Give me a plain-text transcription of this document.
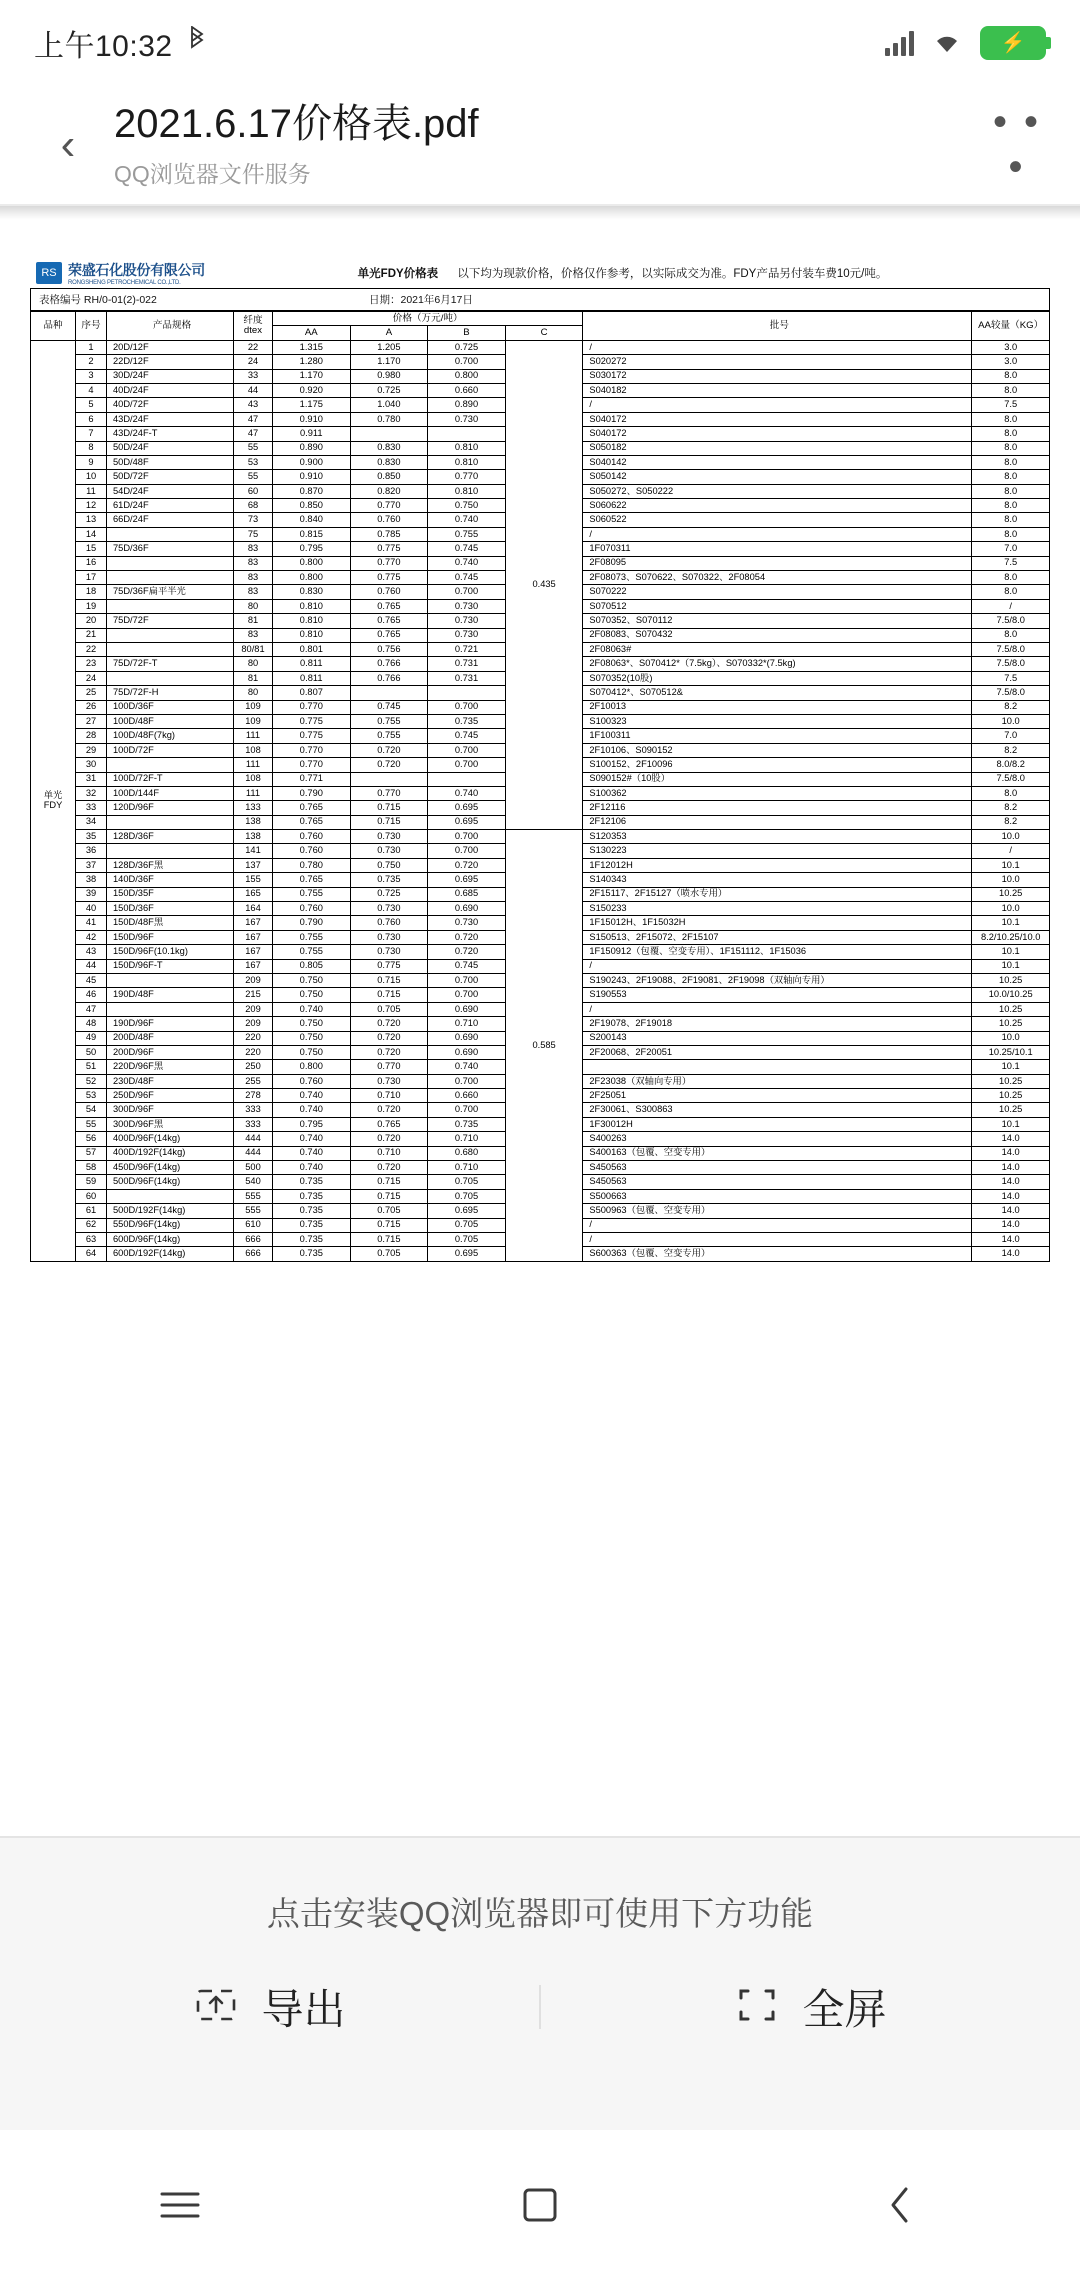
上午10:32	⚡
‹ 2021.6.17价格表.pdf
QQ浏览器文件服务
• • •
RS 荣盛石化股份有限公司
RONGSHENG PETROCHEMICAL CO.,LTD.
单光FDY价格表 以下均为现款价格，价格仅作参考，以实际成交为准。FDY产品另付装车费10元/吨。
表格编号 RH/0-01(2)-022	日期：2021年6月17日
品种	序号	产品规格	纤度
dtex	价格（万元/吨）				批号	AA较量（KG）
				AA	A	B	C		
单光
FDY	1	20D/12F	22	1.315	1.205	0.725	0.435	/	3.0
	2	22D/12F	24	1.280	1.170	0.700		S020272	3.0
	3	30D/24F	33	1.170	0.980	0.800		S030172	8.0
	4	40D/24F	44	0.920	0.725	0.660		S040182	8.0
	5	40D/72F	43	1.175	1.040	0.890		/	7.5
	6	43D/24F	47	0.910	0.780	0.730		S040172	8.0
	7	43D/24F-T	47	0.911				S040172	8.0
	8	50D/24F	55	0.890	0.830	0.810		S050182	8.0
	9	50D/48F	53	0.900	0.830	0.810		S040142	8.0
	10	50D/72F	55	0.910	0.850	0.770		S050142	8.0
	11	54D/24F	60	0.870	0.820	0.810		S050272、S050222	8.0
	12	61D/24F	68	0.850	0.770	0.750		S060622	8.0
	13	66D/24F	73	0.840	0.760	0.740		S060522	8.0
	14		75	0.815	0.785	0.755		/	8.0
	15	75D/36F	83	0.795	0.775	0.745		1F070311	7.0
	16		83	0.800	0.770	0.740		2F08095	7.5
	17		83	0.800	0.775	0.745		2F08073、S070622、S070322、2F08054	8.0
	18	75D/36F扁平半光	83	0.830	0.760	0.700		S070222	8.0
	19		80	0.810	0.765	0.730		S070512	/
	20	75D/72F	81	0.810	0.765	0.730		S070352、S070112	7.5/8.0
	21		83	0.810	0.765	0.730		2F08083、S070432	8.0
	22		80/81	0.801	0.756	0.721		2F08063#	7.5/8.0
	23	75D/72F-T	80	0.811	0.766	0.731		2F08063*、S070412*（7.5kg）、S070332*(7.5kg)	7.5/8.0
	24		81	0.811	0.766	0.731		S070352(10股)	7.5
	25	75D/72F-H	80	0.807				S070412*、S070512&	7.5/8.0
	26	100D/36F	109	0.770	0.745	0.700		2F10013	8.2
	27	100D/48F	109	0.775	0.755	0.735		S100323	10.0
	28	100D/48F(7kg)	111	0.775	0.755	0.745		1F100311	7.0
	29	100D/72F	108	0.770	0.720	0.700		2F10106、S090152	8.2
	30		111	0.770	0.720	0.700		S100152、2F10096	8.0/8.2
	31	100D/72F-T	108	0.771				S090152#（10股）	7.5/8.0
	32	100D/144F	111	0.790	0.770	0.740		S100362	8.0
	33	120D/96F	133	0.765	0.715	0.695		2F12116	8.2
	34		138	0.765	0.715	0.695		2F12106	8.2
	35	128D/36F	138	0.760	0.730	0.700	0.585	S120353	10.0
	36		141	0.760	0.730	0.700		S130223	/
	37	128D/36F黑	137	0.780	0.750	0.720		1F12012H	10.1
	38	140D/36F	155	0.765	0.735	0.695		S140343	10.0
	39	150D/35F	165	0.755	0.725	0.685		2F15117、2F15127（喷水专用）	10.25
	40	150D/36F	164	0.760	0.730	0.690		S150233	10.0
	41	150D/48F黑	167	0.790	0.760	0.730		1F15012H、1F15032H	10.1
	42	150D/96F	167	0.755	0.730	0.720		S150513、2F15072、2F15107	8.2/10.25/10.0
	43	150D/96F(10.1kg)	167	0.755	0.730	0.720		1F150912（包覆、空变专用）、1F151112、1F15036	10.1
	44	150D/96F-T	167	0.805	0.775	0.745		/	10.1
	45		209	0.750	0.715	0.700		S190243、2F19088、2F19081、2F19098（双轴向专用）	10.25
	46	190D/48F	215	0.750	0.715	0.700		S190553	10.0/10.25
	47		209	0.740	0.705	0.690		/	10.25
	48	190D/96F	209	0.750	0.720	0.710		2F19078、2F19018	10.25
	49	200D/48F	220	0.750	0.720	0.690		S200143	10.0
	50	200D/96F	220	0.750	0.720	0.690		2F20068、2F20051	10.25/10.1
	51	220D/96F黑	250	0.800	0.770	0.740			10.1
	52	230D/48F	255	0.760	0.730	0.700		2F23038（双轴向专用）	10.25
	53	250D/96F	278	0.740	0.710	0.660		2F25051	10.25
	54	300D/96F	333	0.740	0.720	0.700		2F30061、S300863	10.25
	55	300D/96F黑	333	0.795	0.765	0.735		1F30012H	10.1
	56	400D/96F(14kg)	444	0.740	0.720	0.710		S400263	14.0
	57	400D/192F(14kg)	444	0.740	0.710	0.680		S400163（包覆、空变专用）	14.0
	58	450D/96F(14kg)	500	0.740	0.720	0.710		S450563	14.0
	59	500D/96F(14kg)	540	0.735	0.715	0.705		S450563	14.0
	60		555	0.735	0.715	0.705		S500663	14.0
	61	500D/192F(14kg)	555	0.735	0.705	0.695		S500963（包覆、空变专用）	14.0
	62	550D/96F(14kg)	610	0.735	0.715	0.705		/	14.0
	63	600D/96F(14kg)	666	0.735	0.715	0.705		/	14.0
	64	600D/192F(14kg)	666	0.735	0.705	0.695		S600363（包覆、空变专用）	14.0
点击安装QQ浏览器即可使用下方功能
导出	全屏
